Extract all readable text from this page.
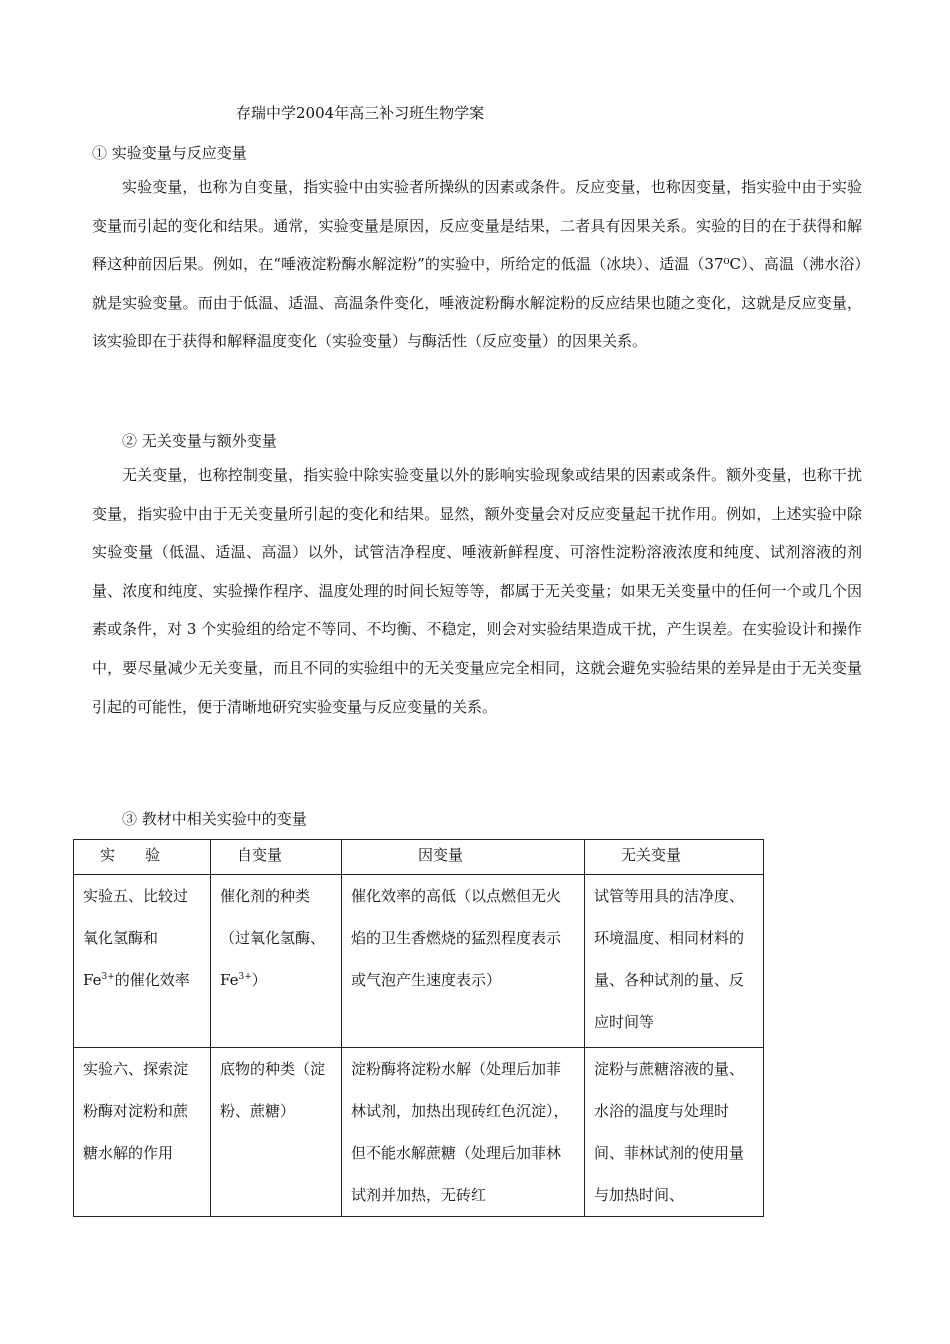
存瑞中学2004年高三补习班生物学案
① 实验变量与反应变量

实验变量，也称为自变量，指实验中由实验者所操纵的因素或条件。反应变量，也称因变量，指实验中由于实验变量而引起的变化和结果。通常，实验变量是原因，反应变量是结果，二者具有因果关系。实验的目的在于获得和解释这种前因后果。例如，在“唾液淀粉酶水解淀粉”的实验中，所给定的低温（冰块）、适温（37⁰C）、高温（沸水浴）就是实验变量。而由于低温、适温、高温条件变化，唾液淀粉酶水解淀粉的反应结果也随之变化，这就是反应变量，该实验即在于获得和解释温度变化（实验变量）与酶活性（反应变量）的因果关系。

② 无关变量与额外变量

无关变量，也称控制变量，指实验中除实验变量以外的影响实验现象或结果的因素或条件。额外变量，也称干扰变量，指实验中由于无关变量所引起的变化和结果。显然，额外变量会对反应变量起干扰作用。例如，上述实验中除实验变量（低温、适温、高温）以外，试管洁净程度、唾液新鲜程度、可溶性淀粉溶液浓度和纯度、试剂溶液的剂量、浓度和纯度、实验操作程序、温度处理的时间长短等等，都属于无关变量；如果无关变量中的任何一个或几个因素或条件，对 3 个实验组的给定不等同、不均衡、不稳定，则会对实验结果造成干扰，产生误差。在实验设计和操作中，要尽量减少无关变量，而且不同的实验组中的无关变量应完全相同，这就会避免实验结果的差异是由于无关变量引起的可能性，便于清晰地研究实验变量与反应变量的关系。

③ 教材中相关实验中的变量
实　　验	自变量	因变量	无关变量
实验五、比较过氧化氢酶和$Fe^{3+}$的催化效率	催化剂的种类（过氧化氢酶、$Fe^{3+}$）	催化效率的高低（以点燃但无火焰的卫生香燃烧的猛烈程度表示或气泡产生速度表示）	试管等用具的洁净度、环境温度、相同材料的量、各种试剂的量、反应时间等
实验六、探索淀粉酶对淀粉和蔗糖水解的作用	底物的种类（淀粉、蔗糖）	淀粉酶将淀粉水解（处理后加菲林试剂，加热出现砖红色沉淀），但不能水解蔗糖（处理后加菲林试剂并加热，无砖红	淀粉与蔗糖溶液的量、水浴的温度与处理时间、菲林试剂的使用量与加热时间、
